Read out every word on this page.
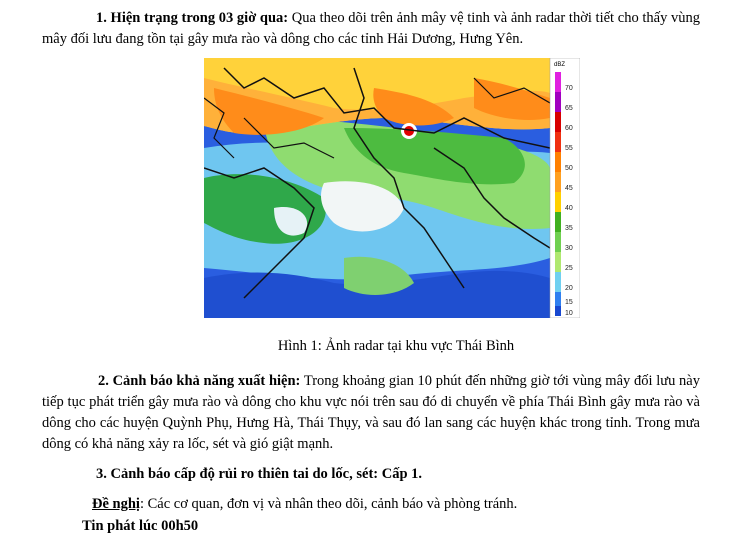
1. Hiện trạng trong 03 giờ qua: Qua theo dõi trên ảnh mây vệ tinh và ảnh radar thời tiết cho thấy vùng mây đối lưu đang tồn tại gây mưa rào và dông cho các tỉnh Hải Dương, Hưng Yên.
dBZ
70
65
60
55
50
45
40
35
30
25
20
15
10
Hình 1: Ảnh radar tại khu vực Thái Bình
2. Cảnh báo khả năng xuất hiện: Trong khoảng gian 10 phút đến những giờ tới vùng mây đối lưu này tiếp tục phát triển gây mưa rào và dông cho khu vực nói trên sau đó di chuyển về phía Thái Bình gây mưa rào và dông cho các huyện Quỳnh Phụ, Hưng Hà, Thái Thụy, và sau đó lan sang các huyện khác trong tỉnh. Trong mưa dông có khả năng xảy ra lốc, sét và gió giật mạnh.
3. Cảnh báo cấp độ rủi ro thiên tai do lốc, sét: Cấp 1.
Đề nghị: Các cơ quan, đơn vị và nhân theo dõi, cảnh báo và phòng tránh.
Tin phát lúc 00h50
